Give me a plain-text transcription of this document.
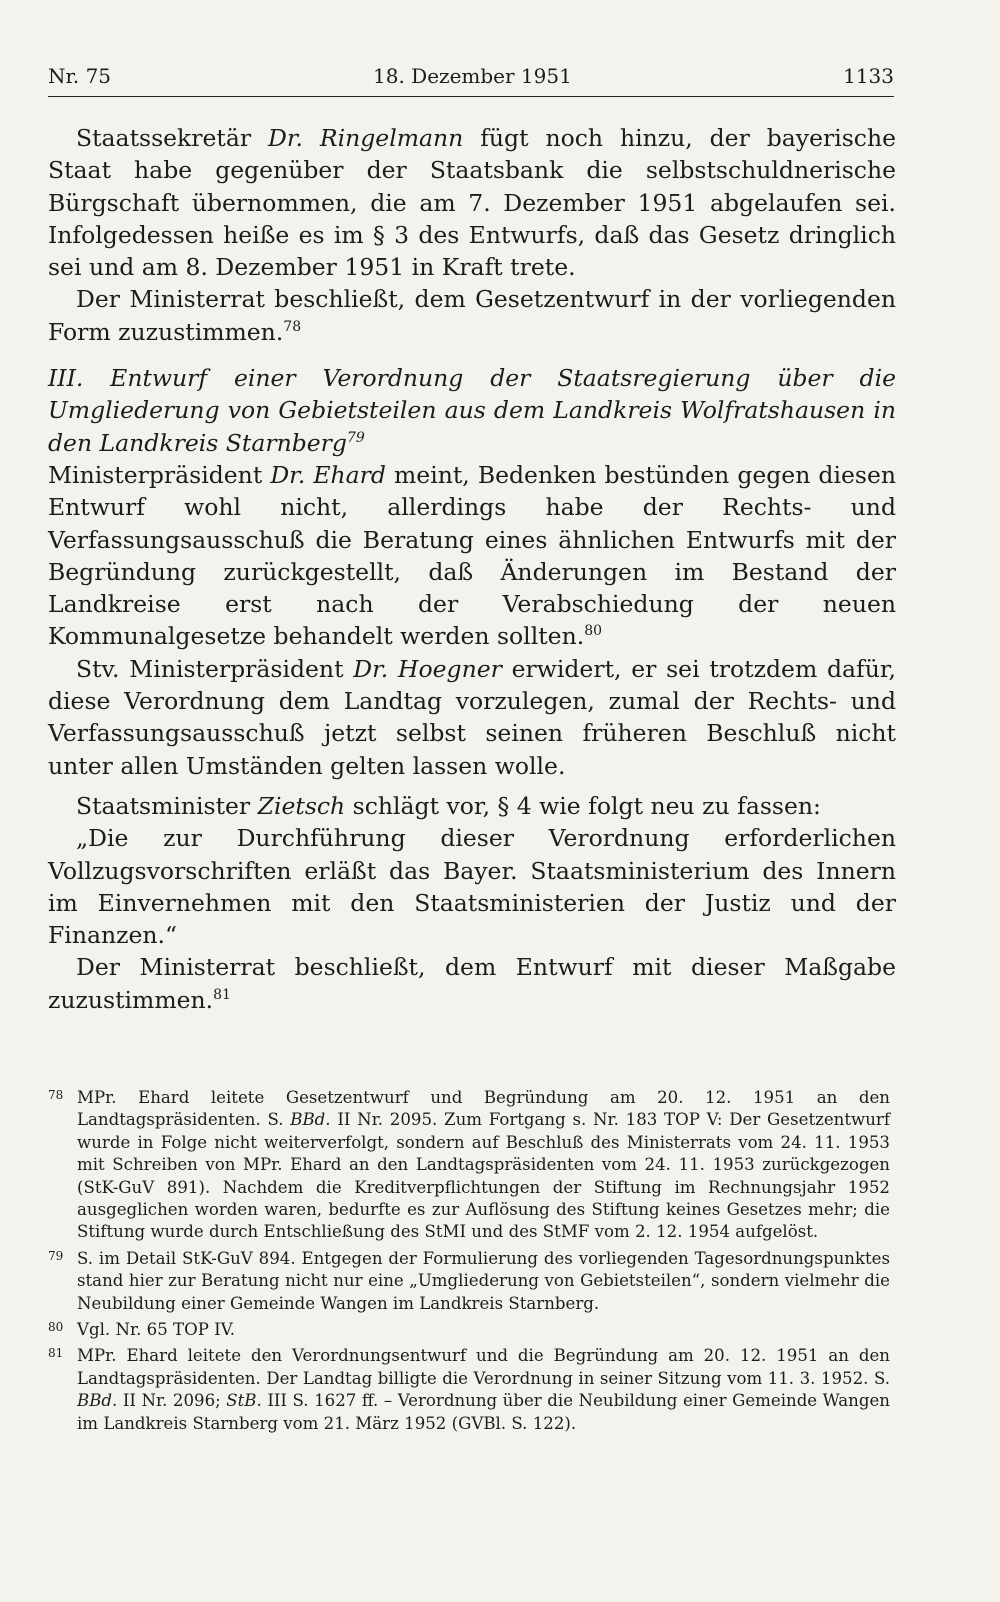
Nr. 75	18. Dezember 1951	1133

Staatssekretär Dr. Ringelmann fügt noch hinzu, der bayerische Staat habe gegenüber der Staatsbank die selbstschuldnerische Bürgschaft übernommen, die am 7. Dezember 1951 abgelaufen sei. Infolgedessen heiße es im § 3 des Entwurfs, daß das Gesetz dringlich sei und am 8. Dezember 1951 in Kraft trete.

Der Ministerrat beschließt, dem Gesetzentwurf in der vorliegenden Form zuzustimmen.$^{78}$

III. Entwurf einer Verordnung der Staatsregierung über die Umgliederung von Gebietsteilen aus dem Landkreis Wolfratshausen in den Landkreis Starnberg$^{79}$

Ministerpräsident Dr. Ehard meint, Bedenken bestünden gegen diesen Entwurf wohl nicht, allerdings habe der Rechts- und Verfassungsausschuß die Beratung eines ähnlichen Entwurfs mit der Begründung zurückgestellt, daß Änderungen im Bestand der Landkreise erst nach der Verabschiedung der neuen Kommunalgesetze behandelt werden sollten.$^{80}$

Stv. Ministerpräsident Dr. Hoegner erwidert, er sei trotzdem dafür, diese Verordnung dem Landtag vorzulegen, zumal der Rechts- und Verfassungsausschuß jetzt selbst seinen früheren Beschluß nicht unter allen Umständen gelten lassen wolle.

Staatsminister Zietsch schlägt vor, § 4 wie folgt neu zu fassen:

„Die zur Durchführung dieser Verordnung erforderlichen Vollzugsvorschriften erläßt das Bayer. Staatsministerium des Innern im Einvernehmen mit den Staatsministerien der Justiz und der Finanzen.“

Der Ministerrat beschließt, dem Entwurf mit dieser Maßgabe zuzustimmen.$^{81}$

78 MPr. Ehard leitete Gesetzentwurf und Begründung am 20. 12. 1951 an den Landtagspräsidenten. S. BBd. II Nr. 2095. Zum Fortgang s. Nr. 183 TOP V: Der Gesetzentwurf wurde in Folge nicht weiterverfolgt, sondern auf Beschluß des Ministerrats vom 24. 11. 1953 mit Schreiben von MPr. Ehard an den Landtagspräsidenten vom 24. 11. 1953 zurückgezogen (StK-GuV 891). Nachdem die Kreditverpflichtungen der Stiftung im Rechnungsjahr 1952 ausgeglichen worden waren, bedurfte es zur Auflösung des Stiftung keines Gesetzes mehr; die Stiftung wurde durch Entschließung des StMI und des StMF vom 2. 12. 1954 aufgelöst.
79 S. im Detail StK-GuV 894. Entgegen der Formulierung des vorliegenden Tagesordnungspunktes stand hier zur Beratung nicht nur eine „Umgliederung von Gebietsteilen“, sondern vielmehr die Neubildung einer Gemeinde Wangen im Landkreis Starnberg.
80 Vgl. Nr. 65 TOP IV.
81 MPr. Ehard leitete den Verordnungsentwurf und die Begründung am 20. 12. 1951 an den Landtagspräsidenten. Der Landtag billigte die Verordnung in seiner Sitzung vom 11. 3. 1952. S. BBd. II Nr. 2096; StB. III S. 1627 ff. – Verordnung über die Neubildung einer Gemeinde Wangen im Landkreis Starnberg vom 21. März 1952 (GVBl. S. 122).
